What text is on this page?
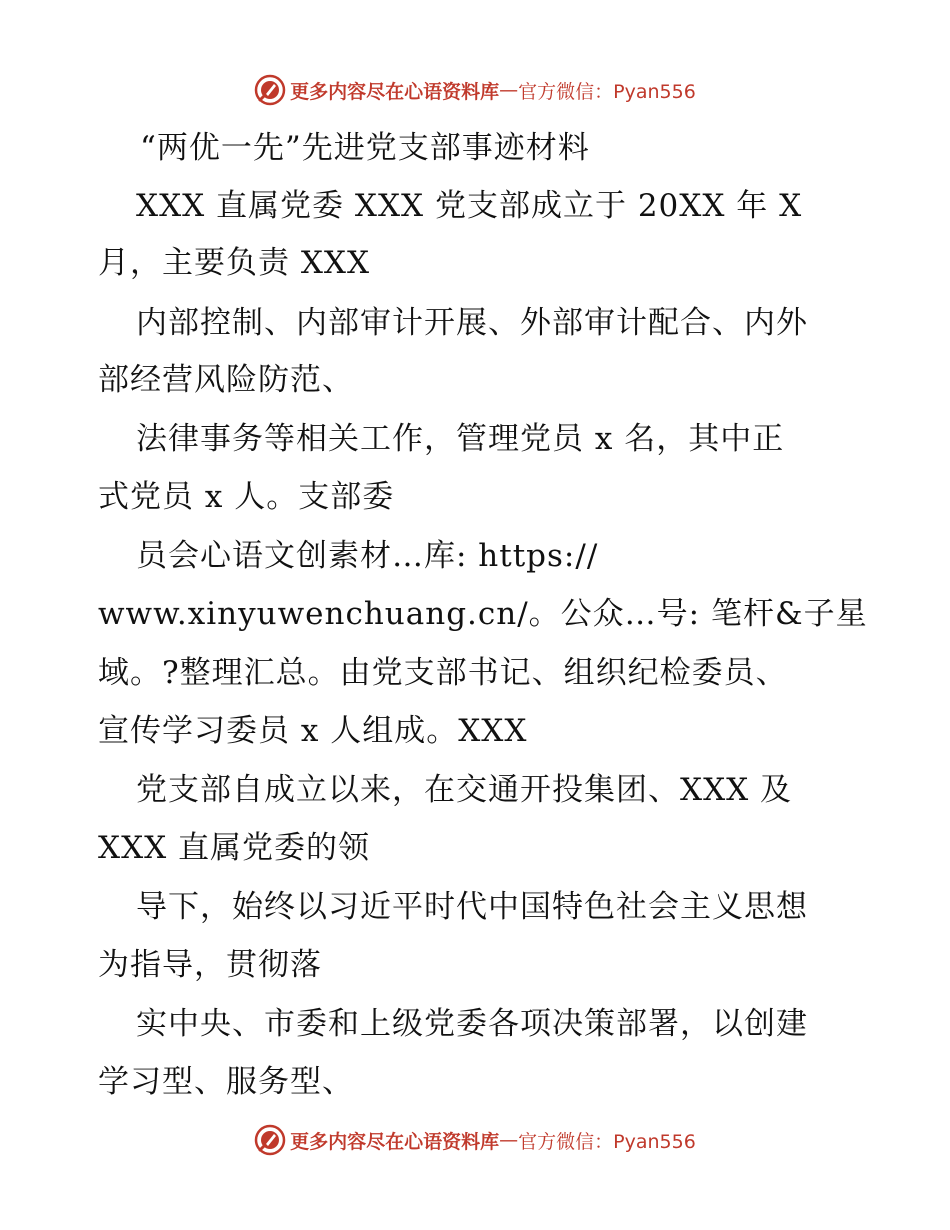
更多内容尽在心语资料库 — 官方微信：Pyan556
“两优一先”先进党支部事迹材料
XXX 直属党委 XXX 党支部成立于 20XX 年 X
月，主要负责 XXX
内部控制、内部审计开展、外部审计配合、内外
部经营风险防范、
法律事务等相关工作，管理党员 x 名，其中正
式党员 x 人。支部委
员会心语文创素材…库: https://
www.xinyuwenchuang.cn/。公众…号: 笔杆&子星
域。?整理汇总。由党支部书记、组织纪检委员、
宣传学习委员 x 人组成。XXX
党支部自成立以来，在交通开投集团、XXX 及
XXX 直属党委的领
导下，始终以习近平时代中国特色社会主义思想
为指导，贯彻落
实中央、市委和上级党委各项决策部署，以创建
学习型、服务型、
更多内容尽在心语资料库 — 官方微信：Pyan556
